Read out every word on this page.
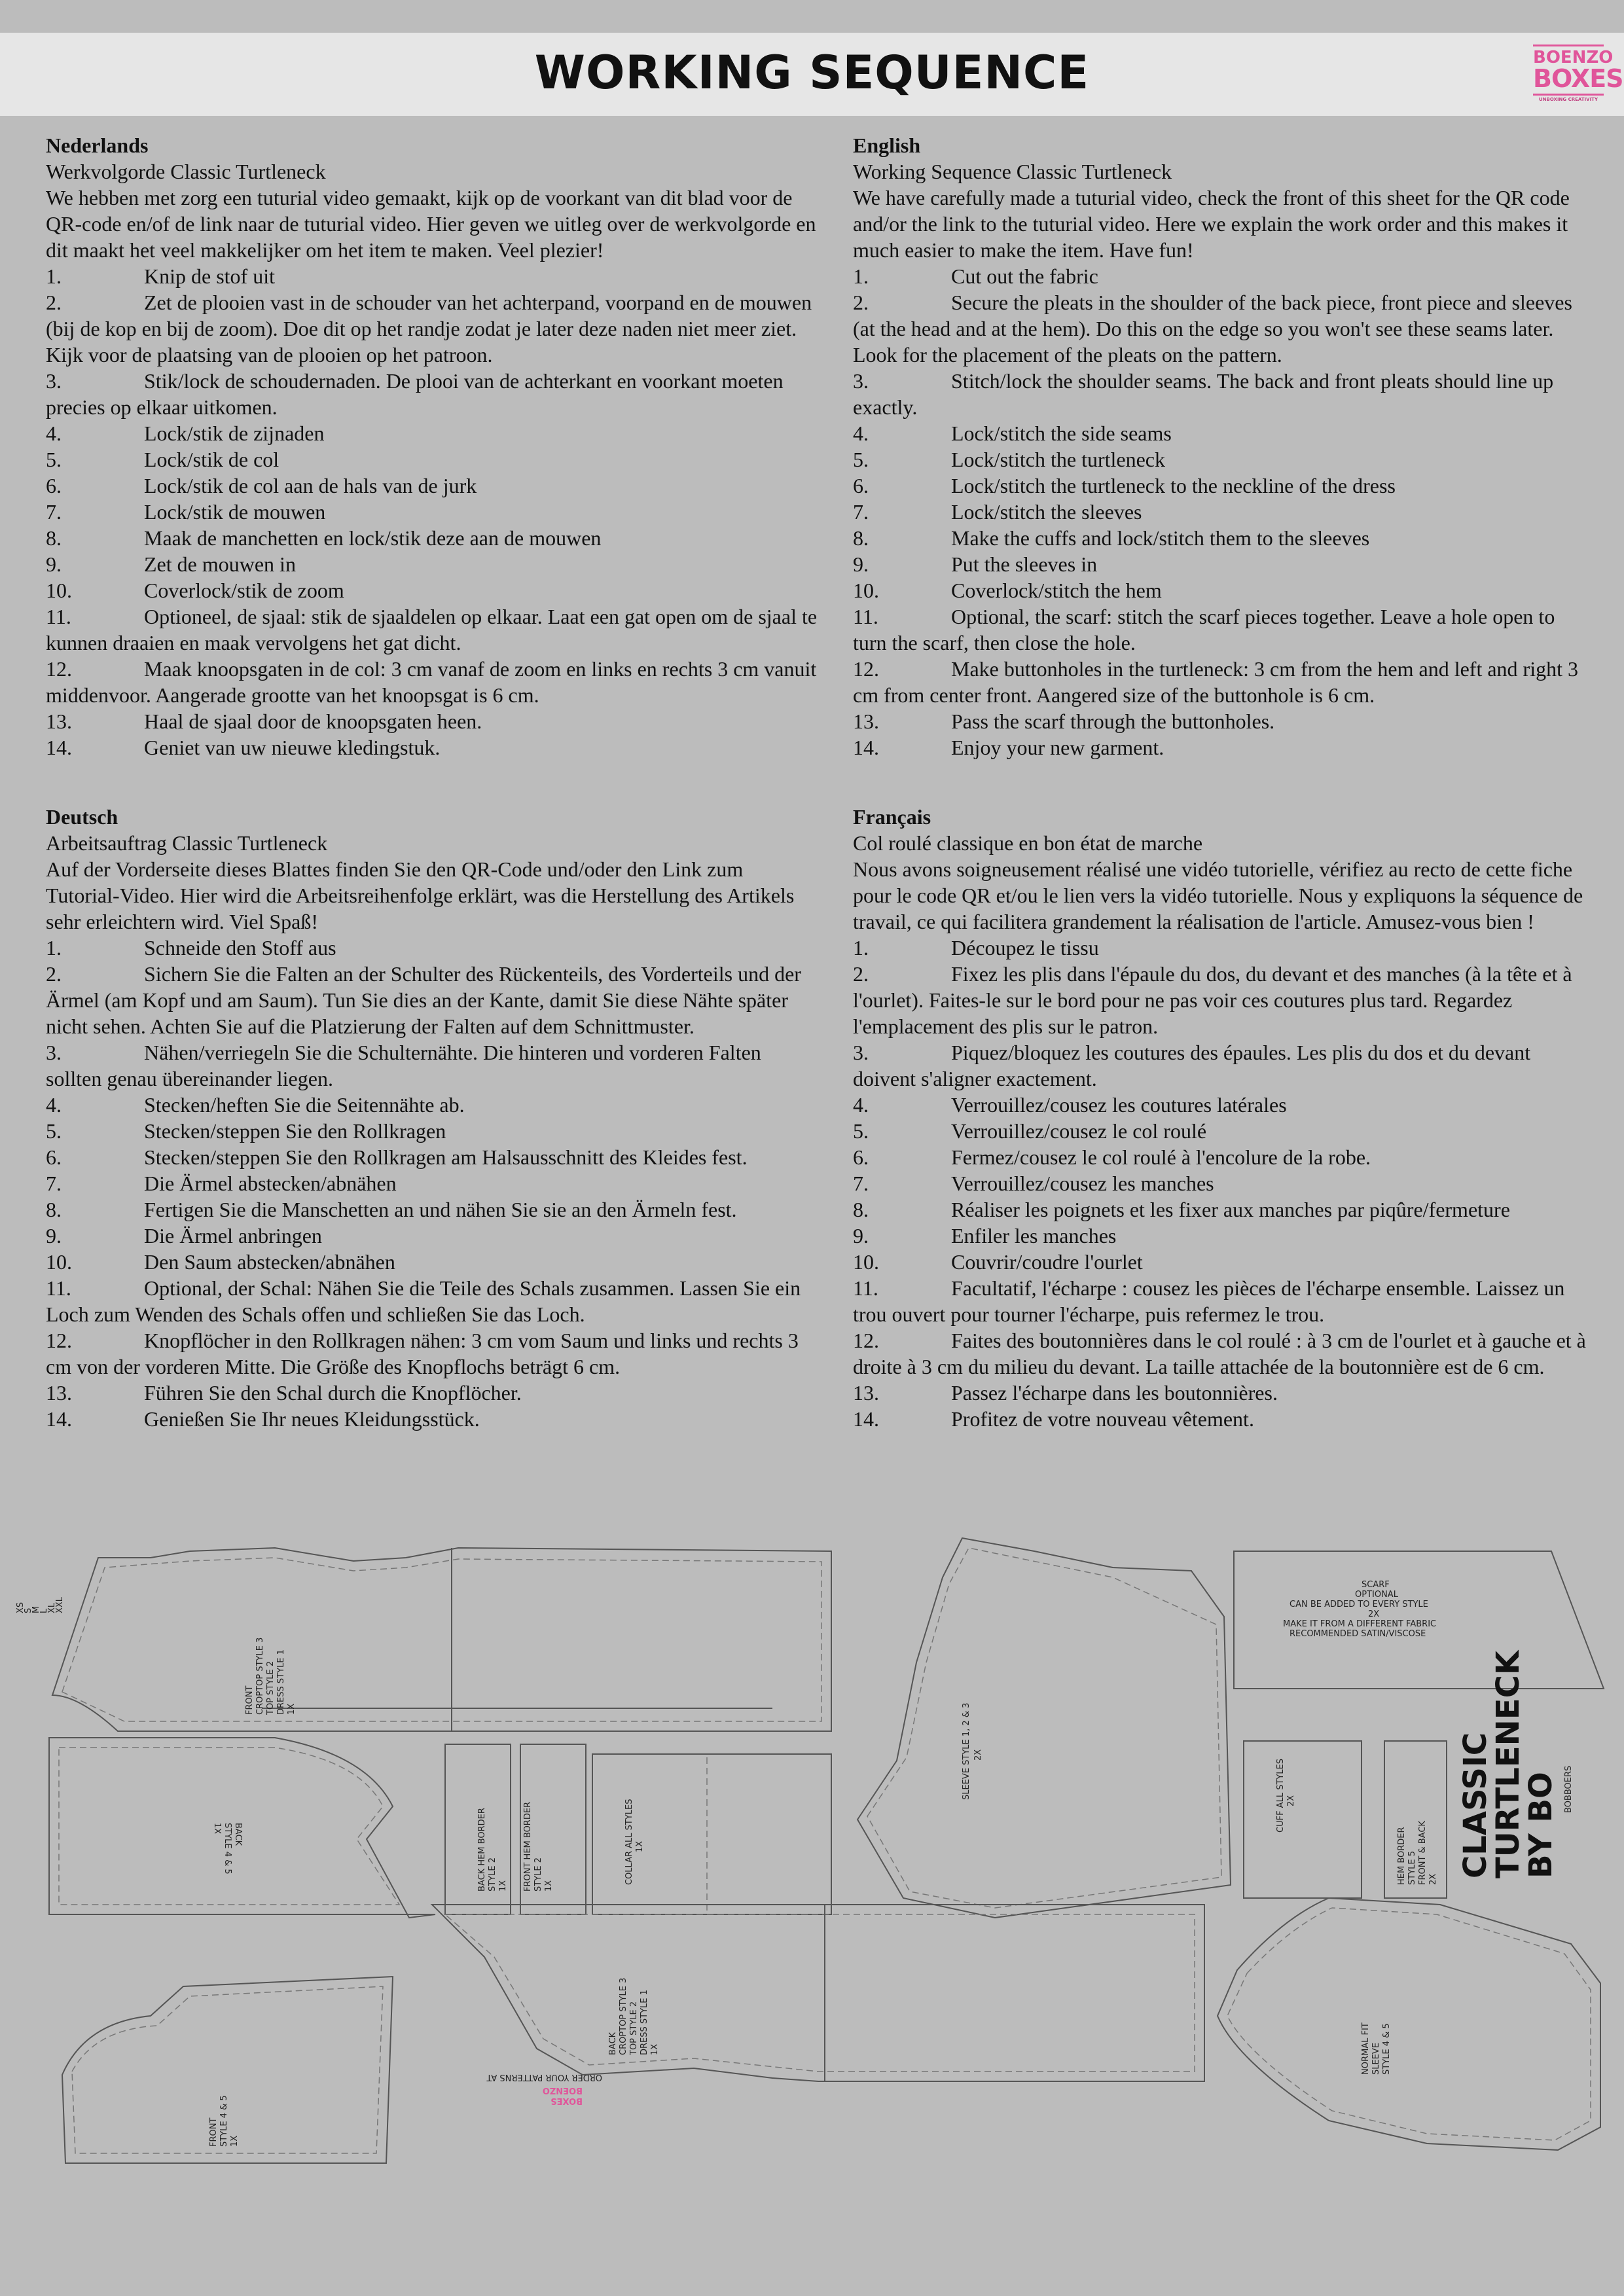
WORKING SEQUENCE	BOENZO
BOXES
UNBOXING CREATIVITY

Nederlands

Werkvolgorde Classic Turtleneck

We hebben met zorg een tuturial video gemaakt, kijk op de voorkant van dit blad voor de QR-code en/of de link naar de tuturial video. Hier geven we uitleg over de werkvolgorde en dit maakt het veel makkelijker om het item te maken. Veel plezier!

1.	Knip de stof uit

2.	Zet de plooien vast in de schouder van het achterpand, voorpand en de mouwen (bij de kop en bij de zoom). Doe dit op het randje zodat je later deze naden niet meer ziet. Kijk voor de plaatsing van de plooien op het patroon.

3.	Stik/lock de schoudernaden. De plooi van de achterkant en voorkant moeten precies op elkaar uitkomen.

4.	Lock/stik de zijnaden

5.	Lock/stik de col

6.	Lock/stik de col aan de hals van de jurk

7.	Lock/stik de mouwen

8.	Maak de manchetten en lock/stik deze aan de mouwen

9.	Zet de mouwen in

10.	Coverlock/stik de zoom

11.	Optioneel, de sjaal: stik de sjaaldelen op elkaar. Laat een gat open om de sjaal te kunnen draaien en maak vervolgens het gat dicht.

12.	Maak knoopsgaten in de col: 3 cm vanaf de zoom en links en rechts 3 cm vanuit middenvoor. Aangerade grootte van het knoopsgat is 6 cm.

13.	Haal de sjaal door de knoopsgaten heen.

14.	Geniet van uw nieuwe kledingstuk.

English

Working Sequence Classic Turtleneck

We have carefully made a tuturial video, check the front of this sheet for the QR code and/or the link to the tuturial video. Here we explain the work order and this makes it much easier to make the item. Have fun!

1.	Cut out the fabric

2.	Secure the pleats in the shoulder of the back piece, front piece and sleeves (at the head and at the hem). Do this on the edge so you won't see these seams later. Look for the placement of the pleats on the pattern.

3.	Stitch/lock the shoulder seams. The back and front pleats should line up exactly.

4.	Lock/stitch the side seams

5.	Lock/stitch the turtleneck

6.	Lock/stitch the turtleneck to the neckline of the dress

7.	Lock/stitch the sleeves

8.	Make the cuffs and lock/stitch them to the sleeves

9.	Put the sleeves in

10.	Coverlock/stitch the hem

11.	Optional, the scarf: stitch the scarf pieces together. Leave a hole open to turn the scarf, then close the hole.

12.	Make buttonholes in the turtleneck: 3 cm from the hem and left and right 3 cm from center front. Aangered size of the buttonhole is 6 cm.

13.	Pass the scarf through the buttonholes.

14.	Enjoy your new garment.

Deutsch

Arbeitsauftrag Classic Turtleneck

Auf der Vorderseite dieses Blattes finden Sie den QR-Code und/oder den Link zum Tutorial-Video. Hier wird die Arbeitsreihenfolge erklärt, was die Herstellung des Artikels sehr erleichtern wird. Viel Spaß!

1.	Schneide den Stoff aus

2.	Sichern Sie die Falten an der Schulter des Rückenteils, des Vorderteils und der Ärmel (am Kopf und am Saum). Tun Sie dies an der Kante, damit Sie diese Nähte später nicht sehen. Achten Sie auf die Platzierung der Falten auf dem Schnittmuster.

3.	Nähen/verriegeln Sie die Schulternähte. Die hinteren und vorderen Falten sollten genau übereinander liegen.

4.	Stecken/heften Sie die Seitennähte ab.

5.	Stecken/steppen Sie den Rollkragen

6.	Stecken/steppen Sie den Rollkragen am Halsausschnitt des Kleides fest.

7.	Die Ärmel abstecken/abnähen

8.	Fertigen Sie die Manschetten an und nähen Sie sie an den Ärmeln fest.

9.	Die Ärmel anbringen

10.	Den Saum abstecken/abnähen

11.	Optional, der Schal: Nähen Sie die Teile des Schals zusammen. Lassen Sie ein Loch zum Wenden des Schals offen und schließen Sie das Loch.

12.	Knopflöcher in den Rollkragen nähen: 3 cm vom Saum und links und rechts 3 cm von der vorderen Mitte. Die Größe des Knopflochs beträgt 6 cm.

13.	Führen Sie den Schal durch die Knopflöcher.

14.	Genießen Sie Ihr neues Kleidungsstück.

Français

Col roulé classique en bon état de marche

Nous avons soigneusement réalisé une vidéo tutorielle, vérifiez au recto de cette fiche pour le code QR et/ou le lien vers la vidéo tutorielle. Nous y expliquons la séquence de travail, ce qui facilitera grandement la réalisation de l'article. Amusez-vous bien !

1.	Découpez le tissu

2.	Fixez les plis dans l'épaule du dos, du devant et des manches (à la tête et à l'ourlet). Faites-le sur le bord pour ne pas voir ces coutures plus tard. Regardez l'emplacement des plis sur le patron.

3.	Piquez/bloquez les coutures des épaules. Les plis du dos et du devant doivent s'aligner exactement.

4.	Verrouillez/cousez les coutures latérales

5.	Verrouillez/cousez le col roulé

6.	Fermez/cousez le col roulé à l'encolure de la robe.

7.	Verrouillez/cousez les manches

8.	Réaliser les poignets et les fixer aux manches par piqûre/fermeture

9.	Enfiler les manches

10.	Couvrir/coudre l'ourlet

11.	Facultatif, l'écharpe : cousez les pièces de l'écharpe ensemble. Laissez un trou ouvert pour tourner l'écharpe, puis refermez le trou.

12.	Faites des boutonnières dans le col roulé : à 3 cm de l'ourlet et à gauche et à droite à 3 cm du milieu du devant. La taille attachée de la boutonnière est de 6 cm.

13.	Passez l'écharpe dans les boutonnières.

14.	Profitez de votre nouveau vêtement.

XS
S
M
L
XL
XXL
FRONT CROPTOP STYLE 3 TOP STYLE 2 DRESS STYLE 1 1X	SLEEVE STYLE 1, 2 & 3 2X
SCARF
OPTIONAL
CAN BE ADDED TO EVERY STYLE
2X
MAKE IT FROM A DIFFERENT FABRIC
RECOMMENDED SATIN/VISCOSE
BACK
STYLE 4 & 5
1X	BACK HEM BORDER STYLE 2 1X FRONT HEM BORDER STYLE 2 1X
COLLAR ALL STYLES 1X
CUFF ALL STYLES 2X
HEM BORDER STYLE 5 FRONT & BACK 2X
CLASSIC
TURTLENECK
BY BO BOBBOERS
FRONT STYLE 4 & 5 1X
ORDER YOUR PATTERNS AT
BOENZO
BOXES
BACK CROPTOP STYLE 3 TOP STYLE 2 DRESS STYLE 1 1X	NORMAL FIT SLEEVE STYLE 4 & 5
